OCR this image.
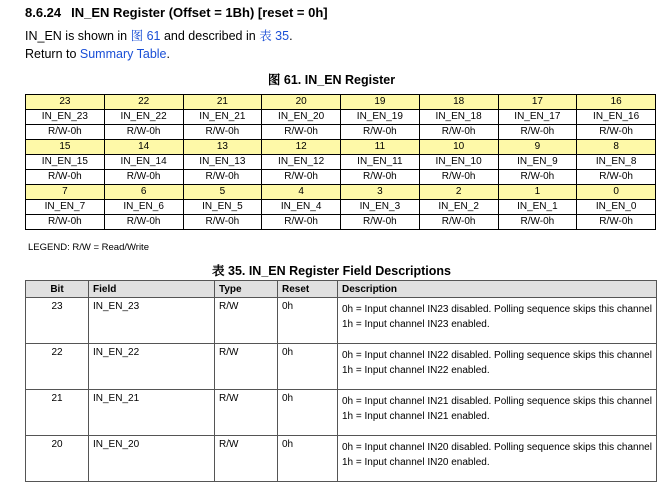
8.6.24 IN_EN Register (Offset = 1Bh) [reset = 0h]
IN_EN is shown in 图 61 and described in 表 35.
Return to Summary Table.
图 61. IN_EN Register
23	22	21	20	19	18	17	16
IN_EN_23	IN_EN_22	IN_EN_21	IN_EN_20	IN_EN_19	IN_EN_18	IN_EN_17	IN_EN_16
R/W-0h	R/W-0h	R/W-0h	R/W-0h	R/W-0h	R/W-0h	R/W-0h	R/W-0h
15	14	13	12	11	10	9	8
IN_EN_15	IN_EN_14	IN_EN_13	IN_EN_12	IN_EN_11	IN_EN_10	IN_EN_9	IN_EN_8
R/W-0h	R/W-0h	R/W-0h	R/W-0h	R/W-0h	R/W-0h	R/W-0h	R/W-0h
7	6	5	4	3	2	1	0
IN_EN_7	IN_EN_6	IN_EN_5	IN_EN_4	IN_EN_3	IN_EN_2	IN_EN_1	IN_EN_0
R/W-0h	R/W-0h	R/W-0h	R/W-0h	R/W-0h	R/W-0h	R/W-0h	R/W-0h
LEGEND: R/W = Read/Write
表 35. IN_EN Register Field Descriptions
Bit	Field	Type	Reset	Description
23	IN_EN_23	R/W	0h	0h = Input channel IN23 disabled. Polling sequence skips this channel
1h = Input channel IN23 enabled.

22	IN_EN_22	R/W	0h	0h = Input channel IN22 disabled. Polling sequence skips this channel
1h = Input channel IN22 enabled.

21	IN_EN_21	R/W	0h	0h = Input channel IN21 disabled. Polling sequence skips this channel
1h = Input channel IN21 enabled.

20	IN_EN_20	R/W	0h	0h = Input channel IN20 disabled. Polling sequence skips this channel
1h = Input channel IN20 enabled.
